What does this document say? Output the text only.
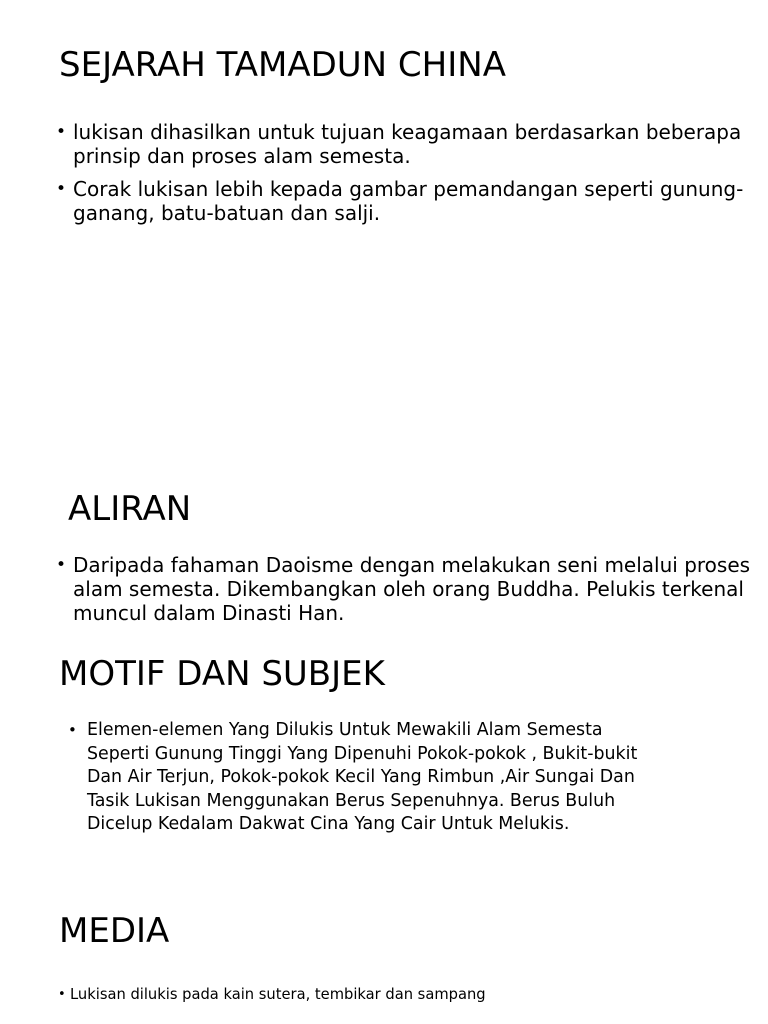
SEJARAH TAMADUN CHINA
• lukisan dihasilkan untuk tujuan keagamaan berdasarkan beberapa prinsip dan proses alam semesta.
• Corak lukisan lebih kepada gambar pemandangan seperti gunung-ganang, batu-batuan dan salji.
ALIRAN
• Daripada fahaman Daoisme dengan melakukan seni melalui proses alam semesta. Dikembangkan oleh orang Buddha. Pelukis terkenal muncul dalam Dinasti Han.
MOTIF DAN SUBJEK
• Elemen-elemen Yang Dilukis Untuk Mewakili Alam Semesta Seperti Gunung Tinggi Yang Dipenuhi Pokok-pokok , Bukit-bukit Dan Air Terjun, Pokok-pokok Kecil Yang Rimbun ,Air Sungai Dan Tasik Lukisan Menggunakan Berus Sepenuhnya. Berus Buluh Dicelup Kedalam Dakwat Cina Yang Cair Untuk Melukis.
MEDIA
• Lukisan dilukis pada kain sutera, tembikar dan sampang
